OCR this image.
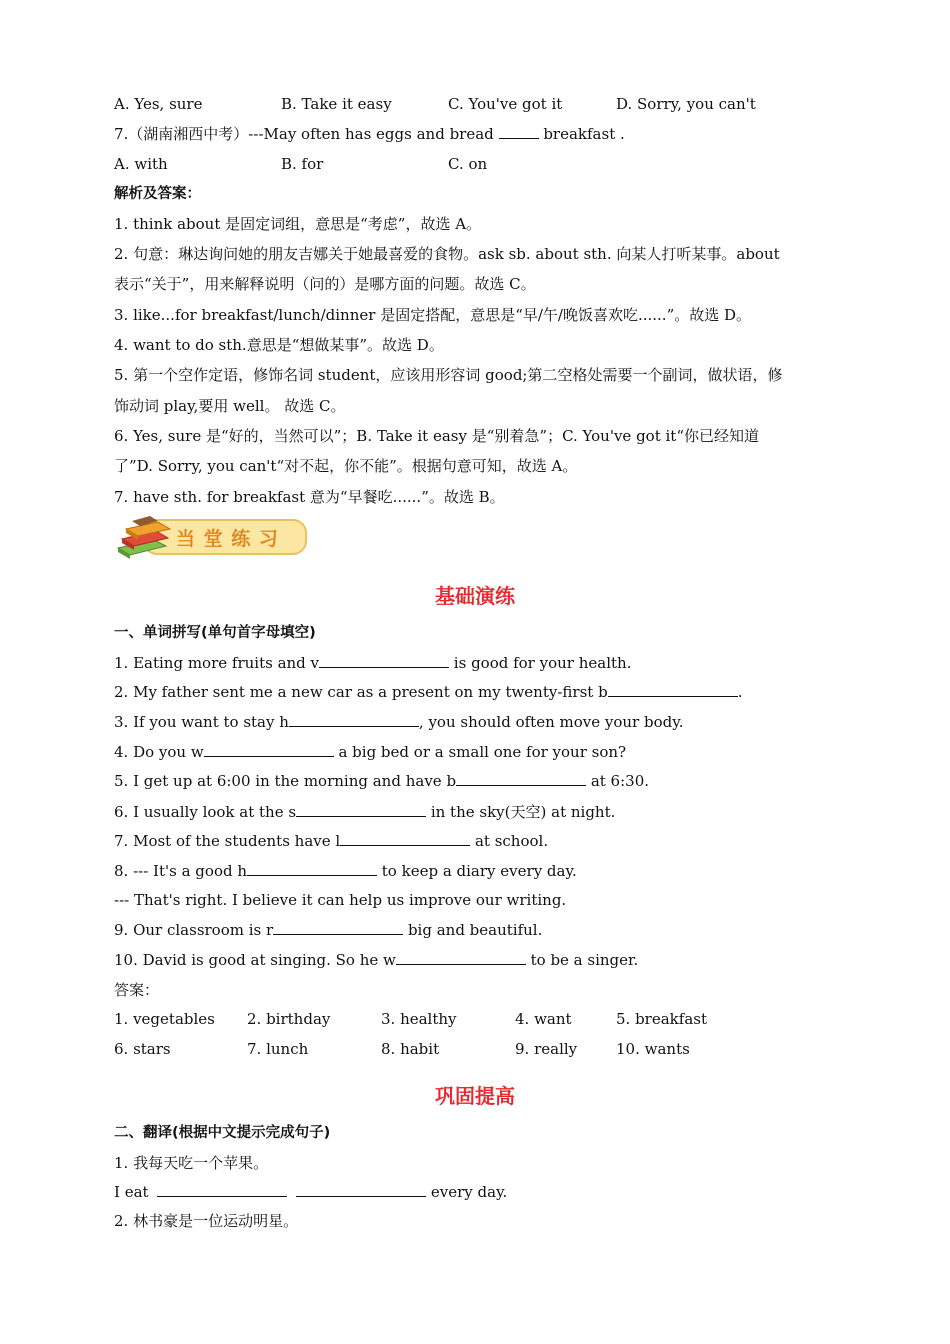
A. Yes, sure	B. Take it easy	C. You've got it	D. Sorry, you can't
7.（湖南湘西中考）---May often has eggs and bread	breakfast .
A. with	B. for	C. on
解析及答案：
1. think about 是固定词组，意思是“考虑”，故选 A。
2. 句意：琳达询问她的朋友吉娜关于她最喜爱的食物。ask sb. about sth. 向某人打听某事。about
表示“关于”，用来解释说明（问的）是哪方面的问题。故选 C。
3. like...for breakfast/lunch/dinner 是固定搭配，意思是“早/午/晚饭喜欢吃......”。故选 D。
4. want to do sth.意思是“想做某事”。故选 D。
5. 第一个空作定语，修饰名词 student，应该用形容词 good;第二空格处需要一个副词，做状语，修
饰动词 play,要用 well。 故选 C。
6. Yes, sure 是“好的，当然可以”；B. Take it easy 是“别着急”；C. You've got it“你已经知道
了”D. Sorry, you can't“对不起，你不能”。根据句意可知，故选 A。
7. have sth. for breakfast 意为“早餐吃......”。故选 B。
当 堂 练 习
基础演练
一、单词拼写(单句首字母填空)
1. Eating more fruits and v	is good for your health.
2. My father sent me a new car as a present on my twenty-first b	.
3. If you want to stay h	, you should often move your body.
4. Do you w	a big bed or a small one for your son?
5. I get up at 6:00 in the morning and have b	at 6:30.
6. I usually look at the s	in the sky(天空) at night.
7. Most of the students have l	at school.
8. --- It's a good h	to keep a diary every day.
--- That's right. I believe it can help us improve our writing.
9. Our classroom is r	big and beautiful.
10. David is good at singing. So he w	to be a singer.
答案：
1. vegetables 2. birthday	3. healthy	4. want	5. breakfast
6. stars	7. lunch	8. habit	9. really	10. wants
巩固提高
二、翻译(根据中文提示完成句子)
1. 我每天吃一个苹果。
I eat	every day.
2. 林书豪是一位运动明星。
